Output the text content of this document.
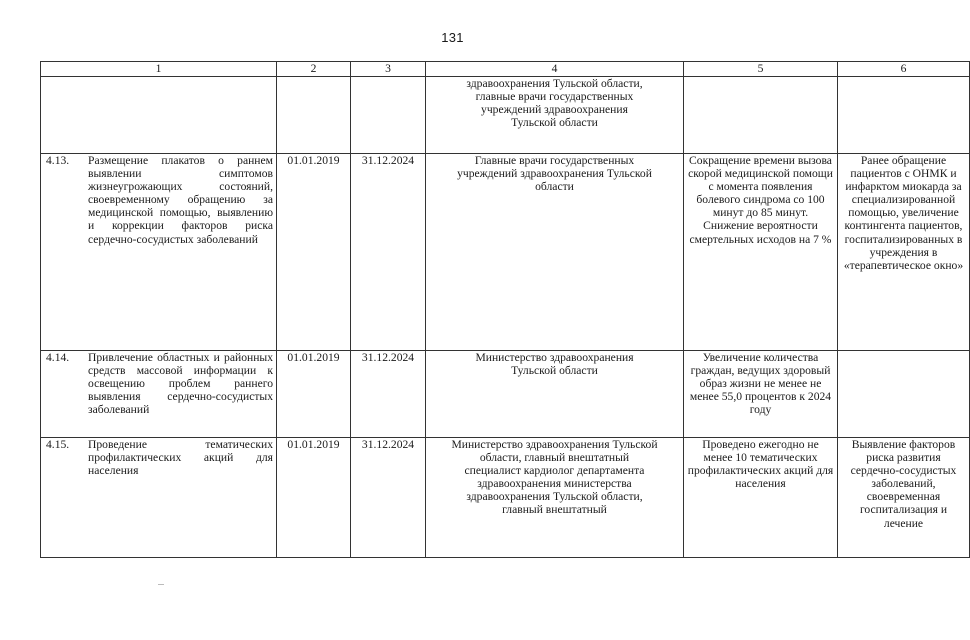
131
1	2	3	4	5	6

			здравоохранения Тульской области, главные врачи государственных учреждений здравоохранения Тульской области		

4.13. Размещение плакатов о раннем выявлении симптомов жизнеугрожающих состояний, своевременному обращению за медицинской помощью, выявлению и коррекции факторов риска сердечно-сосудистых заболеваний	01.01.2019	31.12.2024	Главные врачи государственных учреждений здравоохранения Тульской области	Сокращение времени вызова скорой медицинской помощи с момента появления болевого синдрома со 100 минут до 85 минут. Снижение вероятности смертельных исходов на 7 %	Ранее обращение пациентов с ОНМК и инфарктом миокарда за специализированной помощью, увеличение контингента пациентов, госпитализированных в учреждения в «терапевтическое окно»

4.14. Привлечение областных и районных средств массовой информации к освещению проблем раннего выявления сердечно-сосудистых заболеваний	01.01.2019	31.12.2024	Министерство здравоохранения Тульской области	Увеличение количества граждан, ведущих здоровый образ жизни не менее не менее 55,0 процентов к 2024 году	

4.15. Проведение тематических профилактических акций для населения	01.01.2019	31.12.2024	Министерство здравоохранения Тульской области, главный внештатный специалист кардиолог департамента здравоохранения министерства здравоохранения Тульской области, главный внештатный	Проведено ежегодно не менее 10 тематических профилактических акций для населения	Выявление факторов риска развития сердечно-сосудистых заболеваний, своевременная госпитализация и лечение
